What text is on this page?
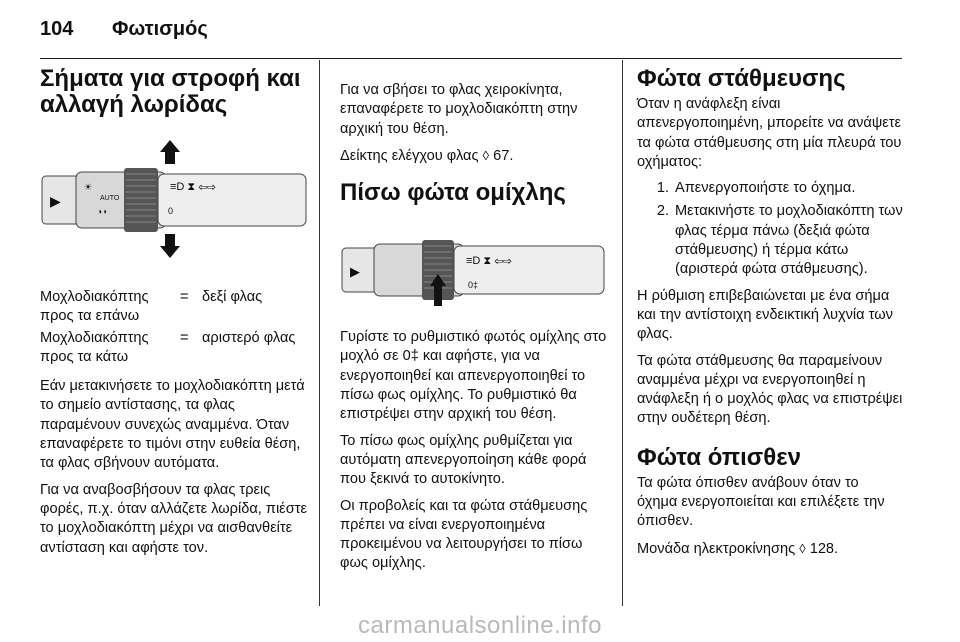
104 Φωτισμός
Σήματα για στροφή και αλλαγή λωρίδας
▶
☀
◗◗
AUTO
0
≡D ⧗ ⇦⇨
Μοχλοδιακόπτης προς τα επάνω
= δεξί φλας
Μοχλοδιακόπτης προς τα κάτω
= αριστερό φλας

Εάν μετακινήσετε το μοχλοδιακόπτη μετά το σημείο αντίστασης, τα φλας παραμένουν συνεχώς αναμμένα. Όταν επαναφέρετε το τιμόνι στην ευθεία θέση, τα φλας σβήνουν αυτόματα.

Για να αναβοσβήσουν τα φλας τρεις φορές, π.χ. όταν αλλάζετε λωρίδα, πιέστε το μοχλοδιακόπτη μέχρι να αισθανθείτε αντίσταση και αφήστε τον.

Για να σβήσει το φλας χειροκίνητα, επαναφέρετε το μοχλοδιακόπτη στην αρχική του θέση.

Δείκτης ελέγχου φλας ◊ 67.

Πίσω φώτα ομίχλης
▶
≡D ⧗ ⇦⇨
0‡

Γυρίστε το ρυθμιστικό φωτός ομίχλης στο μοχλό σε 0‡ και αφήστε, για να ενεργοποιηθεί και απενεργοποιηθεί το πίσω φως ομίχλης. Το ρυθμιστικό θα επιστρέψει στην αρχική του θέση.

Το πίσω φως ομίχλης ρυθμίζεται για αυτόματη απενεργοποίηση κάθε φορά που ξεκινά το αυτοκίνητο.

Οι προβολείς και τα φώτα στάθμευσης πρέπει να είναι ενεργοποιημένα προκειμένου να λειτουργήσει το πίσω φως ομίχλης.

Φώτα στάθμευσης

Όταν η ανάφλεξη είναι απενεργοποιημένη, μπορείτε να ανάψετε τα φώτα στάθμευσης στη μία πλευρά του οχήματος:

1. Απενεργοποιήστε το όχημα.
2. Μετακινήστε το μοχλοδιακόπτη των φλας τέρμα πάνω (δεξιά φώτα στάθμευσης) ή τέρμα κάτω (αριστερά φώτα στάθμευσης).

Η ρύθμιση επιβεβαιώνεται με ένα σήμα και την αντίστοιχη ενδεικτική λυχνία των φλας.

Τα φώτα στάθμευσης θα παραμείνουν αναμμένα μέχρι να ενεργοποιηθεί η ανάφλεξη ή ο μοχλός φλας να επιστρέψει στην ουδέτερη θέση.

Φώτα όπισθεν

Τα φώτα όπισθεν ανάβουν όταν το όχημα ενεργοποιείται και επιλέξετε την όπισθεν.

Μονάδα ηλεκτροκίνησης ◊ 128.

carmanualsonline.info
